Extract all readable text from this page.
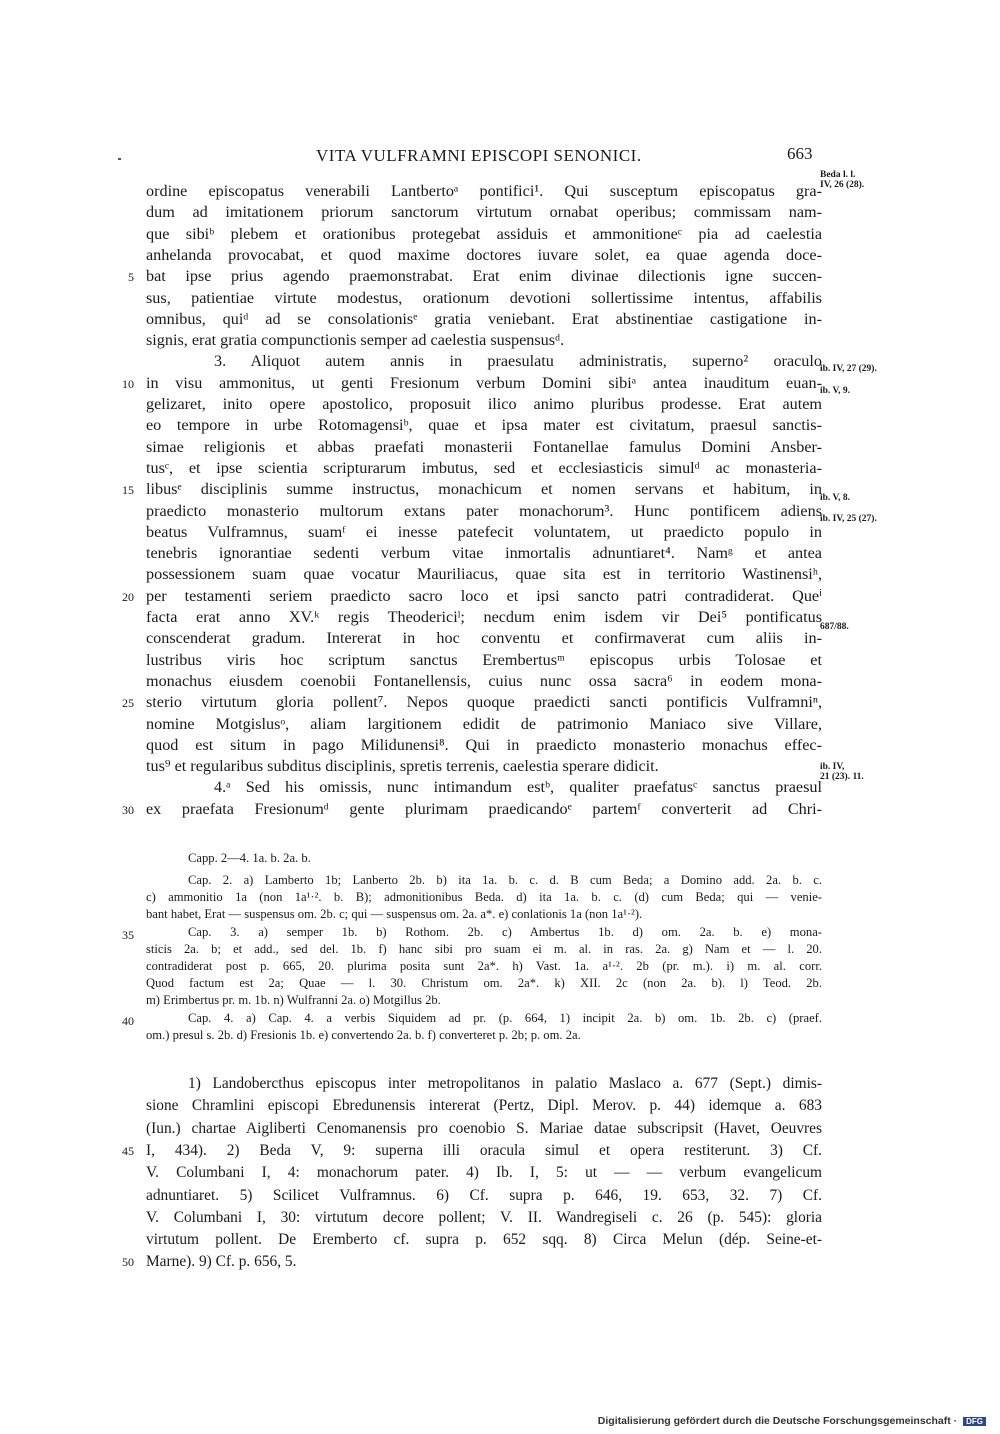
VITA VULFRAMNI EPISCOPI SENONICI.	663
ordine episcopatus venerabili Lantbertoᵃ pontifici¹. Qui susceptum episcopatus gra-
dum ad imitationem priorum sanctorum virtutum ornabat operibus; commissam nam-
que sibiᵇ plebem et orationibus protegebat assiduis et ammonitioneᶜ pia ad caelestia
anhelanda provocabat, et quod maxime doctores iuvare solet, ea quae agenda doce-
bat ipse prius agendo praemonstrabat. Erat enim divinae dilectionis igne succen-
sus, patientiae virtute modestus, orationum devotioni sollertissime intentus, affabilis
omnibus, quiᵈ ad se consolationisᵉ gratia veniebant. Erat abstinentiae castigatione in-
signis, erat gratia compunctionis semper ad caelestia suspensusᵈ.
3. Aliquot autem annis in praesulatu administratis, superno² oraculo
in visu ammonitus, ut genti Fresionum verbum Domini sibiᵃ antea inauditum euan-
gelizaret, inito opere apostolico, proposuit ilico animo pluribus prodesse. Erat autem
eo tempore in urbe Rotomagensiᵇ, quae et ipsa mater est civitatum, praesul sanctis-
simae religionis et abbas praefati monasterii Fontanellae famulus Domini Ansber-
tusᶜ, et ipse scientia scripturarum imbutus, sed et ecclesiasticis simulᵈ ac monasteria-
libusᵉ disciplinis summe instructus, monachicum et nomen servans et habitum, in
praedicto monasterio multorum extans pater monachorum³. Hunc pontificem adiens
beatus Vulframnus, suamᶠ ei inesse patefecit voluntatem, ut praedicto populo in
tenebris ignorantiae sedenti verbum vitae inmortalis adnuntiaret⁴. Namᵍ et antea
possessionem suam quae vocatur Mauriliacus, quae sita est in territorio Wastinensiʰ,
per testamenti seriem praedicto sacro loco et ipsi sancto patri contradiderat. Queⁱ
facta erat anno XV.ᵏ regis Theodericiˡ; necdum enim isdem vir Dei⁵ pontificatus
conscenderat gradum. Intererat in hoc conventu et confirmaverat cum aliis in-
lustribus viris hoc scriptum sanctus Erembertusᵐ episcopus urbis Tolosae et
monachus eiusdem coenobii Fontanellensis, cuius nunc ossa sacra⁶ in eodem mona-
sterio virtutum gloria pollent⁷. Nepos quoque praedicti sancti pontificis Vulframniⁿ,
nomine Motgislusᵒ, aliam largitionem edidit de patrimonio Maniaco sive Villare,
quod est situm in pago Milidunensi⁸. Qui in praedicto monasterio monachus effec-
tus⁹ et regularibus subditus disciplinis, spretis terrenis, caelestia sperare didicit.
4.ᵃ Sed his omissis, nunc intimandum estᵇ, qualiter praefatusᶜ sanctus praesul
ex praefata Fresionumᵈ gente plurimam praedicandoᵉ partemᶠ converterit ad Chri-
5
10
15
20
25
30
Beda l. l.
IV, 26 (28).
ib. IV, 27 (29).
ib. V, 9.
ib. V, 8.
ib. IV, 25 (27).
687/88.
ib. IV,
21 (23). 11.
Capp. 2—4. 1a. b. 2a. b.
Cap. 2. a) Lamberto 1b; Lanberto 2b. b) ita 1a. b. c. d. B cum Beda; a Domino add. 2a. b. c.
c) ammonitio 1a (non 1a¹·². b. B); admonitionibus Beda. d) ita 1a. b. c. (d) cum Beda; qui — venie-
bant habet, Erat — suspensus om. 2b. c; qui — suspensus om. 2a. a*. e) conlationis 1a (non 1a¹·²).
Cap. 3. a) semper 1b. b) Rothom. 2b. c) Ambertus 1b. d) om. 2a. b. e) mona-
sticis 2a. b; et add., sed del. 1b. f) hanc sibi pro suam ei m. al. in ras. 2a. g) Nam et — l. 20.
contradiderat post p. 665, 20. plurima posita sunt 2a*. h) Vast. 1a. a¹·². 2b (pr. m.). i) m. al. corr.
Quod factum est 2a; Quae — l. 30. Christum om. 2a*. k) XII. 2c (non 2a. b). l) Teod. 2b.
m) Erimbertus pr. m. 1b. n) Wulfranni 2a. o) Motgillus 2b.
Cap. 4. a) Cap. 4. a verbis Siquidem ad pr. (p. 664, 1) incipit 2a. b) om. 1b. 2b. c) (praef.
om.) presul s. 2b. d) Fresionis 1b. e) convertendo 2a. b. f) converteret p. 2b; p. om. 2a.
35
40
1) Landobercthus episcopus inter metropolitanos in palatio Maslaco a. 677 (Sept.) dimis-
sione Chramlini episcopi Ebredunensis intererat (Pertz, Dipl. Merov. p. 44) idemque a. 683
(Iun.) chartae Aigliberti Cenomanensis pro coenobio S. Mariae datae subscripsit (Havet, Oeuvres
I, 434). 2) Beda V, 9: superna illi oracula simul et opera restiterunt. 3) Cf.
V. Columbani I, 4: monachorum pater. 4) Ib. I, 5: ut — — verbum evangelicum
adnuntiaret. 5) Scilicet Vulframnus. 6) Cf. supra p. 646, 19. 653, 32. 7) Cf.
V. Columbani I, 30: virtutum decore pollent; V. II. Wandregiseli c. 26 (p. 545): gloria
virtutum pollent. De Eremberto cf. supra p. 652 sqq. 8) Circa Melun (dép. Seine-et-
Marne). 9) Cf. p. 656, 5.
45
50
Digitalisierung gefördert durch die Deutsche Forschungsgemeinschaft · DFG
